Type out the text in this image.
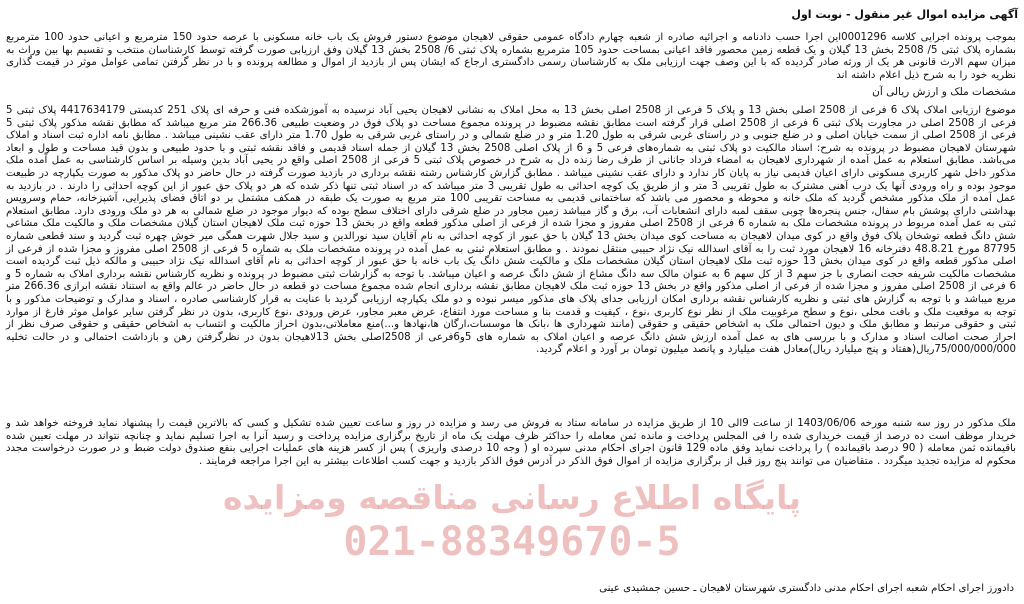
آگهی مزایده اموال غیر منقول - نوبت اول
بموجب پرونده اجرایی کلاسه 0001296این اجرا حسب دادنامه و اجرائیه صادره از شعبه چهارم دادگاه عمومی حقوقی لاهیجان موضوع دستور فروش یک باب خانه مسکونی با عرصه حدود 150 مترمربع و اعیانی حدود 100 مترمربع بشماره پلاک ثبتی 5/ 2508 بخش 13 گیلان و یک قطعه زمین محصور فاقد اعیانی بمساحت حدود 105 مترمربع بشماره پلاک ثبتی 6/ 2508 بخش 13 گیلان وفق ارزیابی صورت گرفته توسط کارشناسان منتخب و تقسیم بها بین وراث به میزان سهم الارث قانونی هر یک از ورثه صادر گردیده که با این وصف جهت ارزیابی ملک به کارشناسان رسمی دادگستری ارجاع که ایشان پس از بازدید از اموال و مطالعه پرونده و با در نظر گرفتن تمامی عوامل موثر در قیمت گذاری نظریه خود را به شرح ذیل اعلام داشته اند
مشخصات ملک و ارزش ریالی آن
موضوع ارزیابی املاک پلاک 6 فرعی از 2508 اصلی بخش 13 و پلاک 5 فرعی از 2508 اصلی بخش 13 به محل املاک به نشانی لاهیجان یحیی آباد نرسیده به آموزشکده فنی و حرفه ای پلاک 251 کدپستی 4417634179 پلاک ثبتی 5 فرعی از 2508 اصلی در مجاورت پلاک ثبتی 6 فرعی از 2508 اصلی قرار گرفته است مطابق نقشه مضبوط در پرونده مجموع مساحت دو پلاک فوق در وضعیت طبیعی 266.36 متر مربع میباشد که مطابق نقشه مذکور پلاک ثبتی 5 فرعی از 2508 اصلی از سمت خیابان اصلی و در ضلع جنوبی و در راستای غربی شرقی به طول 1.20 متر و در ضلع شمالی و در راستای غربی شرقی به طول 1.70 متر دارای عقب نشینی میباشد . مطابق نامه اداره ثبت اسناد و املاک شهرستان لاهیجان مضبوط در پرونده به شرح: اسناد مالکیت دو پلاک ثبتی به شماره‌های فرعی 5 و 6 از پلاک اصلی 2508 بخش 13 گیلان از جمله اسناد قدیمی و فاقد نقشه ثبتی و با حدود طبیعی و بدون قید مساحت و طول و ابعاد می‌باشد. مطابق استعلام به عمل آمده از شهرداری لاهیجان به امضاء فرداد جانانی از طرف رضا زنده دل به شرح در خصوص پلاک ثبتی 5 فرعی از 2508 اصلی واقع در یحیی آباد بدین وسیله بر اساس کارشناسی به عمل آمده ملک مذکور داخل شهر کاربری مسکونی دارای اعیان قدیمی نیاز به پایان کار ندارد و دارای عقب نشینی میباشد . مطابق گزارش کارشناس رشته نقشه برداری در بازدید صورت گرفته در حال حاضر دو پلاک مذکور به صورت یکپارچه در طبیعت موجود بوده و راه ورودی آنها یک درب آهنی مشترک به طول تقریبی 3 متر و از طریق یک کوچه احداثی به طول تقریبی 3 متر میباشد که در اسناد ثبتی تنها ذکر شده که هر دو پلاک حق عبور از این کوچه احداثی را دارند . در بازدید به عمل آمده از ملک مذکور مشخص گردید که ملک خانه و محوطه و محصور می باشد که ساختمانی قدیمی به مساحت تقریبی 100 متر مربع به صورت یک طبقه در همکف مشتمل بر دو اتاق فضای پذیرایی، آشپزخانه، حمام وسرویس بهداشتی دارای پوشش بام سفال، جنس پنجره‌ها چوبی سقف لمبه دارای انشعابات آب، برق و گاز میباشد زمین مجاور در ضلع شرقی دارای اختلاف سطح بوده که دیوار موجود در ضلع شمالی به هر دو ملک ورودی دارد. مطابق استعلام ثبتی به عمل آمده مربوط در پرونده مشخصات ملک به شماره 6 فرعی از 2508 اصلی مفروز و مجزا شده از فرعی از اصلی مذکور قطعه واقع در بخش 13 حوزه ثبت ملک لاهیجان استان گیلان مشخصات ملک و مالکیت ملک مشاعی شش دانگ قطعه توشخان پلاک فوق واقع در کوی میدان لاهیجان به مساحت کوی میدان بخش 13 گیلان با حق عبور از کوچه احداثی به نام آقایان سید نورالدین و سید جلال شهرت همگی میر خوش چهره ثبت گردید و سند قطعی شماره 87795 مورخ 48.8.21 دفترخانه 16 لاهیجان مورد ثبت را به آقای اسدالله نیک نژاد حبیبی منتقل نمودند . و مطابق استعلام ثبتی به عمل آمده در پرونده مشخصات ملک به شماره 5 فرعی از 2508 اصلی مفروز و مجزا شده از فرعی از اصلی مذکور قطعه واقع در کوی میدان بخش 13 حوزه ثبت ملک لاهیجان استان گیلان مشخصات ملک و مالکیت شش دانگ یک باب خانه با حق عبور از کوچه احداثی به نام آقای اسدالله نیک نژاد حبیبی و مالکه ذیل ثبت گردیده است مشخصات مالکیت شریفه حجت انصاری با جز سهم 3 از کل سهم 6 به عنوان مالک سه دانگ مشاع از شش دانگ عرصه و اعیان میباشد. با توجه به گزارشات ثبتی مضبوط در پرونده و نظریه کارشناس نقشه برداری املاک به شماره 5 و 6 فرعی از 2508 اصلی مفروز و مجزا شده از فرعی از اصلی مذکور واقع در بخش 13 حوزه ثبت ملک لاهیجان مطابق نقشه برداری انجام شده مجموع مساحت دو قطعه در حال حاضر در عالم واقع به استناد نقشه ابرازی 266.36 متر مربع میباشد و با توجه به گزارش های ثبتی و نظریه کارشناس نقشه برداری امکان ارزیابی جدای پلاک های مذکور میسر نبوده و دو ملک یکپارچه ارزیابی گردید با عنایت به قرار کارشناسی صادره ، اسناد و مدارک و توضیحات مذکور و با توجه به موقعیت ملک و بافت محلی ،نوع و سطح مرغوبیت ملک از نظر نوع کاربری ،نوع ، کیفیت و قدمت بنا و مساحت مورد انتفاع، عرض معبر مجاور، عرض ورودی ،نوع کاربری، بدون در نظر گرفتن سایر عوامل موثر فارغ از موارد ثبتی و حقوقی مرتبط و مطابق ملک و دیون احتمالی ملک به اشخاص حقیقی و حقوقی (مانند شهرداری ها ،بانک ها موسسات،ارگان ها،نهادها و...)منع معاملاتی،بدون احراز مالکیت و انتساب به اشخاص حقیقی و حقوقی صرف نظر از احراز صحت اصالت اسناد و مدارک و با بررسی های به عمل آمده ارزش شش دانگ عرصه و اعیان املاک به شماره های 5و6فرعی از 2508اصلی بخش 13لاهیجان بدون در نظرگرفتن رهن و بازداشت احتمالی و در حالت تخلیه 75/000/000/000ریال(هفتاد و پنج میلیارد ریال)معادل هفت میلیارد و پانصد میلیون تومان بر آورد و اعلام گردید.
ملک مذکور در روز سه شنبه مورخه 1403/06/06 از ساعت 9الی 10 از طریق مزایده در سامانه ستاد به فروش می رسد و مزایده در روز و ساعت تعیین شده تشکیل و کسی که بالاترین قیمت را پیشنهاد نماید فروخته خواهد شد و خریدار موظف است ده درصد از قیمت خریداری شده را فی المجلس پرداخت و مانده ثمن معامله را حداکثر ظرف مهلت یک ماه از تاریخ برگزاری مزایده پرداخت و رسید آنرا به اجرا تسلیم نماید و چنانچه نتواند در مهلت تعیین شده باقیمانده ثمن معامله ( 90 درصد باقیمانده ) را پرداخت نماید وفق ماده 129 قانون اجرای احکام مدنی سپرده او ( وجه 10 درصدی واریزی ) پس از کسر هزینه های عملیات اجرایی بنفع صندوق دولت ضبط و در صورت درخواست مجدد محکوم له مزایده تجدید میگردد . متقاضیان می توانند پنج روز قبل از برگزاری مزایده از اموال فوق الذکر در آدرس فوق الذکر بازدید و جهت کسب اطلاعات بیشتر به این اجرا مراجعه فرمایند .
پایگاه اطلاع رسانی مناقصه ومزایده
021-88349670-5
دادورز اجرای احکام شعبه اجرای احکام مدنی دادگستری شهرستان لاهیجان ـ حسین جمشیدی عینی
